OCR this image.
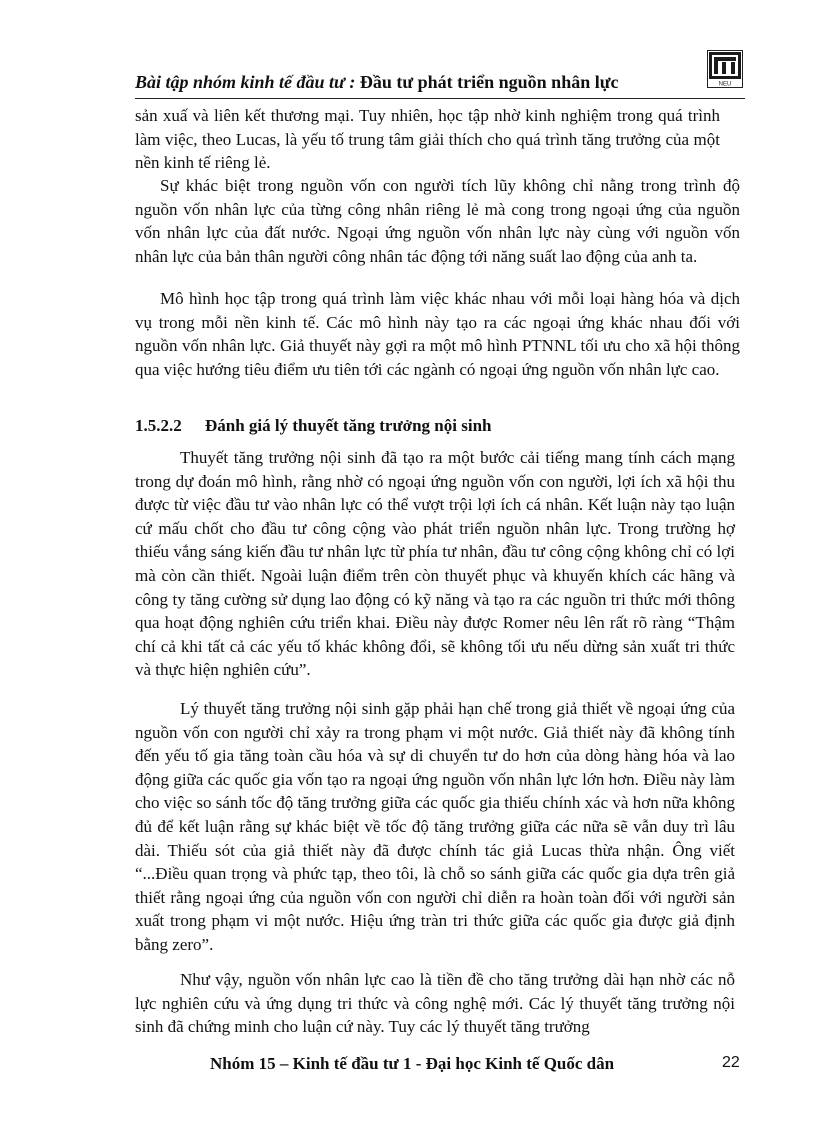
NEU
Bài tập nhóm kinh tế đầu tư : Đầu tư phát triển nguồn nhân lực

sản xuấ và liên kết thương mại. Tuy nhiên, học tập nhờ kinh nghiệm trong quá trình làm việc, theo Lucas, là yếu tố trung tâm giải thích cho quá trình tăng trưởng của một nền kinh tế riêng lẻ.

Sự khác biệt trong nguồn vốn con người tích lũy không chỉ nằng trong trình độ nguồn vốn nhân lực của từng công nhân riêng lẻ mà cong trong ngoại ứng của nguồn vốn nhân lực của đất nước. Ngoại ứng nguồn vốn nhân lực này cùng với nguồn vốn nhân lực của bản thân người công nhân tác động tới năng suất lao động của anh ta.

Mô hình học tập trong quá trình làm việc khác nhau với mỗi loại hàng hóa và dịch vụ trong mỗi nền kinh tế. Các mô hình này tạo ra các ngoại ứng khác nhau đối với nguồn vốn nhân lực. Giả thuyết này gợi ra một mô hình PTNNL tối ưu cho xã hội thông qua việc hướng tiêu điểm ưu tiên tới các ngành có ngoại ứng nguồn vốn nhân lực cao.

1.5.2.2 Đánh giá lý thuyết tăng trưởng nội sinh

Thuyết tăng trưởng nội sinh đã tạo ra một bước cải tiếng mang tính cách mạng trong dự đoán mô hình, rằng nhờ có ngoại ứng nguồn vốn con người, lợi ích xã hội thu được từ việc đầu tư vào nhân lực có thể vượt trội lợi ích cá nhân. Kết luận này tạo luận cứ mấu chốt cho đầu tư công cộng vào phát triển nguồn nhân lực. Trong trường hợ thiếu vắng sáng kiến đầu tư nhân lực từ phía tư nhân, đầu tư công cộng không chỉ có lợi mà còn cần thiết. Ngoài luận điểm trên còn thuyết phục và khuyến khích các hãng và công ty tăng cường sử dụng lao động có kỹ năng và tạo ra các nguồn tri thức mới thông qua hoạt động nghiên cứu triển khai. Điều này được Romer nêu lên rất rõ ràng “Thậm chí cả khi tất cả các yếu tố khác không đổi, sẽ không tối ưu nếu dừng sản xuất tri thức và thực hiện nghiên cứu”.

Lý thuyết tăng trưởng nội sinh gặp phải hạn chế trong giả thiết về ngoại ứng của nguồn vốn con người chỉ xảy ra trong phạm vi một nước. Giả thiết này đã không tính đến yếu tố gia tăng toàn cầu hóa và sự di chuyển tư do hơn của dòng hàng hóa và lao động giữa các quốc gia vốn tạo ra ngoại ứng nguồn vốn nhân lực lớn hơn. Điều này làm cho việc so sánh tốc độ tăng trưởng giữa các quốc gia thiếu chính xác và hơn nữa không đủ để kết luận rằng sự khác biệt về tốc độ tăng trưởng giữa các nữa sẽ vẫn duy trì lâu dài. Thiếu sót của giả thiết này đã được chính tác giả Lucas thừa nhận. Ông viết “...Điều quan trọng và phức tạp, theo tôi, là chỗ so sánh giữa các quốc gia dựa trên giả thiết rằng ngoại ứng của nguồn vốn con người chỉ diễn ra hoàn toàn đối với người sản xuất trong phạm vi một nước. Hiệu ứng tràn tri thức giữa các quốc gia được giả định bằng zero”.

Như vậy, nguồn vốn nhân lực cao là tiền đề cho tăng trưởng dài hạn nhờ các nỗ lực nghiên cứu và ứng dụng tri thức và công nghệ mới. Các lý thuyết tăng trưởng nội sinh đã chứng minh cho luận cứ này. Tuy các lý thuyết tăng trưởng

Nhóm 15 – Kinh tế đầu tư 1 - Đại học Kinh tế Quốc dân	22
